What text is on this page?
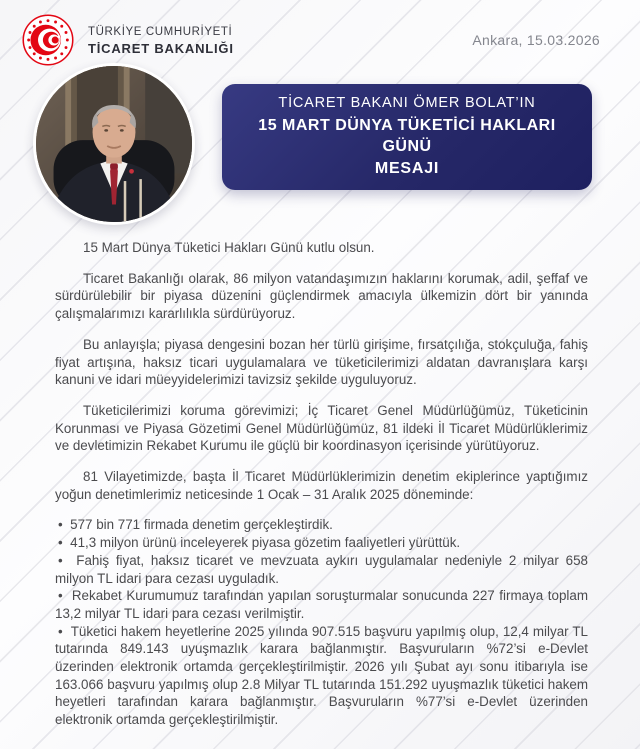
TÜRKİYE CUMHURİYETİ
TİCARET BAKANLIĞI
Ankara, 15.03.2026
TİCARET BAKANI ÖMER BOLAT’IN
15 MART DÜNYA TÜKETİCİ HAKLARI GÜNÜ
MESAJI

15 Mart Dünya Tüketici Hakları Günü kutlu olsun.

Ticaret Bakanlığı olarak, 86 milyon vatandaşımızın haklarını korumak, adil, şeffaf ve sürdürülebilir bir piyasa düzenini güçlendirmek amacıyla ülkemizin dört bir yanında çalışmalarımızı kararlılıkla sürdürüyoruz.

Bu anlayışla; piyasa dengesini bozan her türlü girişime, fırsatçılığa, stokçuluğa, fahiş fiyat artışına, haksız ticari uygulamalara ve tüketicilerimizi aldatan davranışlara karşı kanuni ve idari müeyyidelerimizi tavizsiz şekilde uyguluyoruz.

Tüketicilerimizi koruma görevimizi; İç Ticaret Genel Müdürlüğümüz, Tüketicinin Korunması ve Piyasa Gözetimi Genel Müdürlüğümüz, 81 ildeki İl Ticaret Müdürlüklerimiz ve devletimizin Rekabet Kurumu ile güçlü bir koordinasyon içerisinde yürütüyoruz.

81 Vilayetimizde, başta İl Ticaret Müdürlüklerimizin denetim ekiplerince yaptığımız yoğun denetimlerimiz neticesinde 1 Ocak – 31 Aralık 2025 döneminde:

•  577 bin 771 firmada denetim gerçekleştirdik.
•  41,3 milyon ürünü inceleyerek piyasa gözetim faaliyetleri yürüttük.
•  Fahiş fiyat, haksız ticaret ve mevzuata aykırı uygulamalar nedeniyle 2 milyar 658 milyon TL idari para cezası uyguladık.
•  Rekabet Kurumumuz tarafından yapılan soruşturmalar sonucunda 227 firmaya toplam 13,2 milyar TL idari para cezası verilmiştir.
•  Tüketici hakem heyetlerine 2025 yılında 907.515 başvuru yapılmış olup, 12,4 milyar TL tutarında 849.143 uyuşmazlık karara bağlanmıştır. Başvuruların %72’si e-Devlet üzerinden elektronik ortamda gerçekleştirilmiştir. 2026 yılı Şubat ayı sonu itibarıyla ise 163.066 başvuru yapılmış olup 2.8 Milyar TL tutarında 151.292 uyuşmazlık tüketici hakem heyetleri tarafından karara bağlanmıştır. Başvuruların %77’si e-Devlet üzerinden elektronik ortamda gerçekleştirilmiştir.
